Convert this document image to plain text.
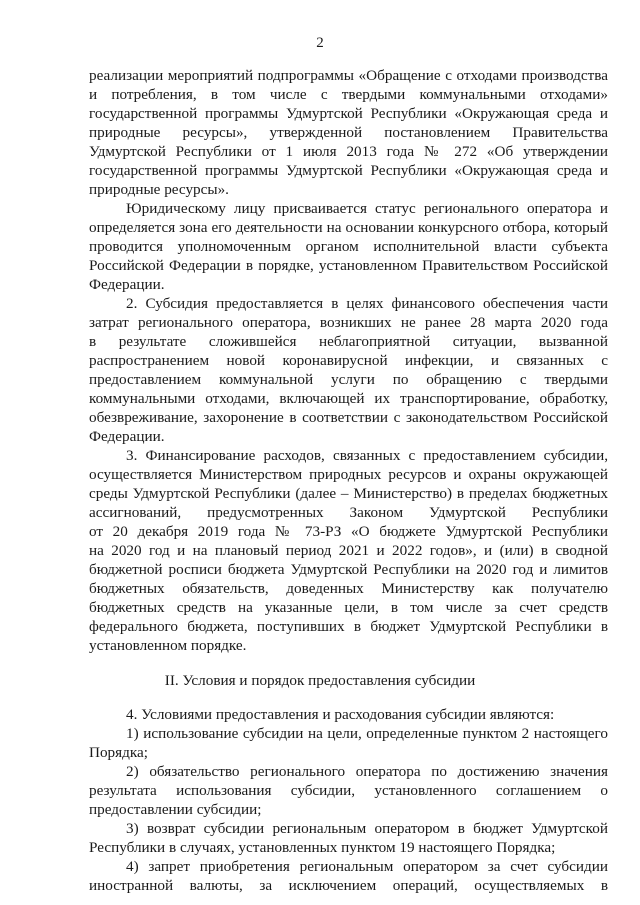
2
реализации мероприятий подпрограммы «Обращение с отходами производства
и потребления, в том числе с твердыми коммунальными отходами»
государственной программы Удмуртской Республики «Окружающая среда и
природные ресурсы», утвержденной постановлением Правительства
Удмуртской Республики от 1 июля 2013 года № 272 «Об утверждении
государственной программы Удмуртской Республики «Окружающая среда и
природные ресурсы».
Юридическому лицу присваивается статус регионального оператора и
определяется зона его деятельности на основании конкурсного отбора, который
проводится уполномоченным органом исполнительной власти субъекта
Российской Федерации в порядке, установленном Правительством Российской
Федерации.
2. Субсидия предоставляется в целях финансового обеспечения части
затрат регионального оператора, возникших не ранее 28 марта 2020 года
в результате сложившейся неблагоприятной ситуации, вызванной
распространением новой коронавирусной инфекции, и связанных с
предоставлением коммунальной услуги по обращению с твердыми
коммунальными отходами, включающей их транспортирование, обработку,
обезвреживание, захоронение в соответствии с законодательством Российской
Федерации.
3. Финансирование расходов, связанных с предоставлением субсидии,
осуществляется Министерством природных ресурсов и охраны окружающей
среды Удмуртской Республики (далее – Министерство) в пределах бюджетных
ассигнований, предусмотренных Законом Удмуртской Республики
от 20 декабря 2019 года № 73-РЗ «О бюджете Удмуртской Республики
на 2020 год и на плановый период 2021 и 2022 годов», и (или) в сводной
бюджетной росписи бюджета Удмуртской Республики на 2020 год и лимитов
бюджетных обязательств, доведенных Министерству как получателю
бюджетных средств на указанные цели, в том числе за счет средств
федерального бюджета, поступивших в бюджет Удмуртской Республики в
установленном порядке.
II. Условия и порядок предоставления субсидии
4. Условиями предоставления и расходования субсидии являются:
1) использование субсидии на цели, определенные пунктом 2 настоящего
Порядка;
2) обязательство регионального оператора по достижению значения
результата использования субсидии, установленного соглашением о
предоставлении субсидии;
3) возврат субсидии региональным оператором в бюджет Удмуртской
Республики в случаях, установленных пунктом 19 настоящего Порядка;
4) запрет приобретения региональным оператором за счет субсидии
иностранной валюты, за исключением операций, осуществляемых в
